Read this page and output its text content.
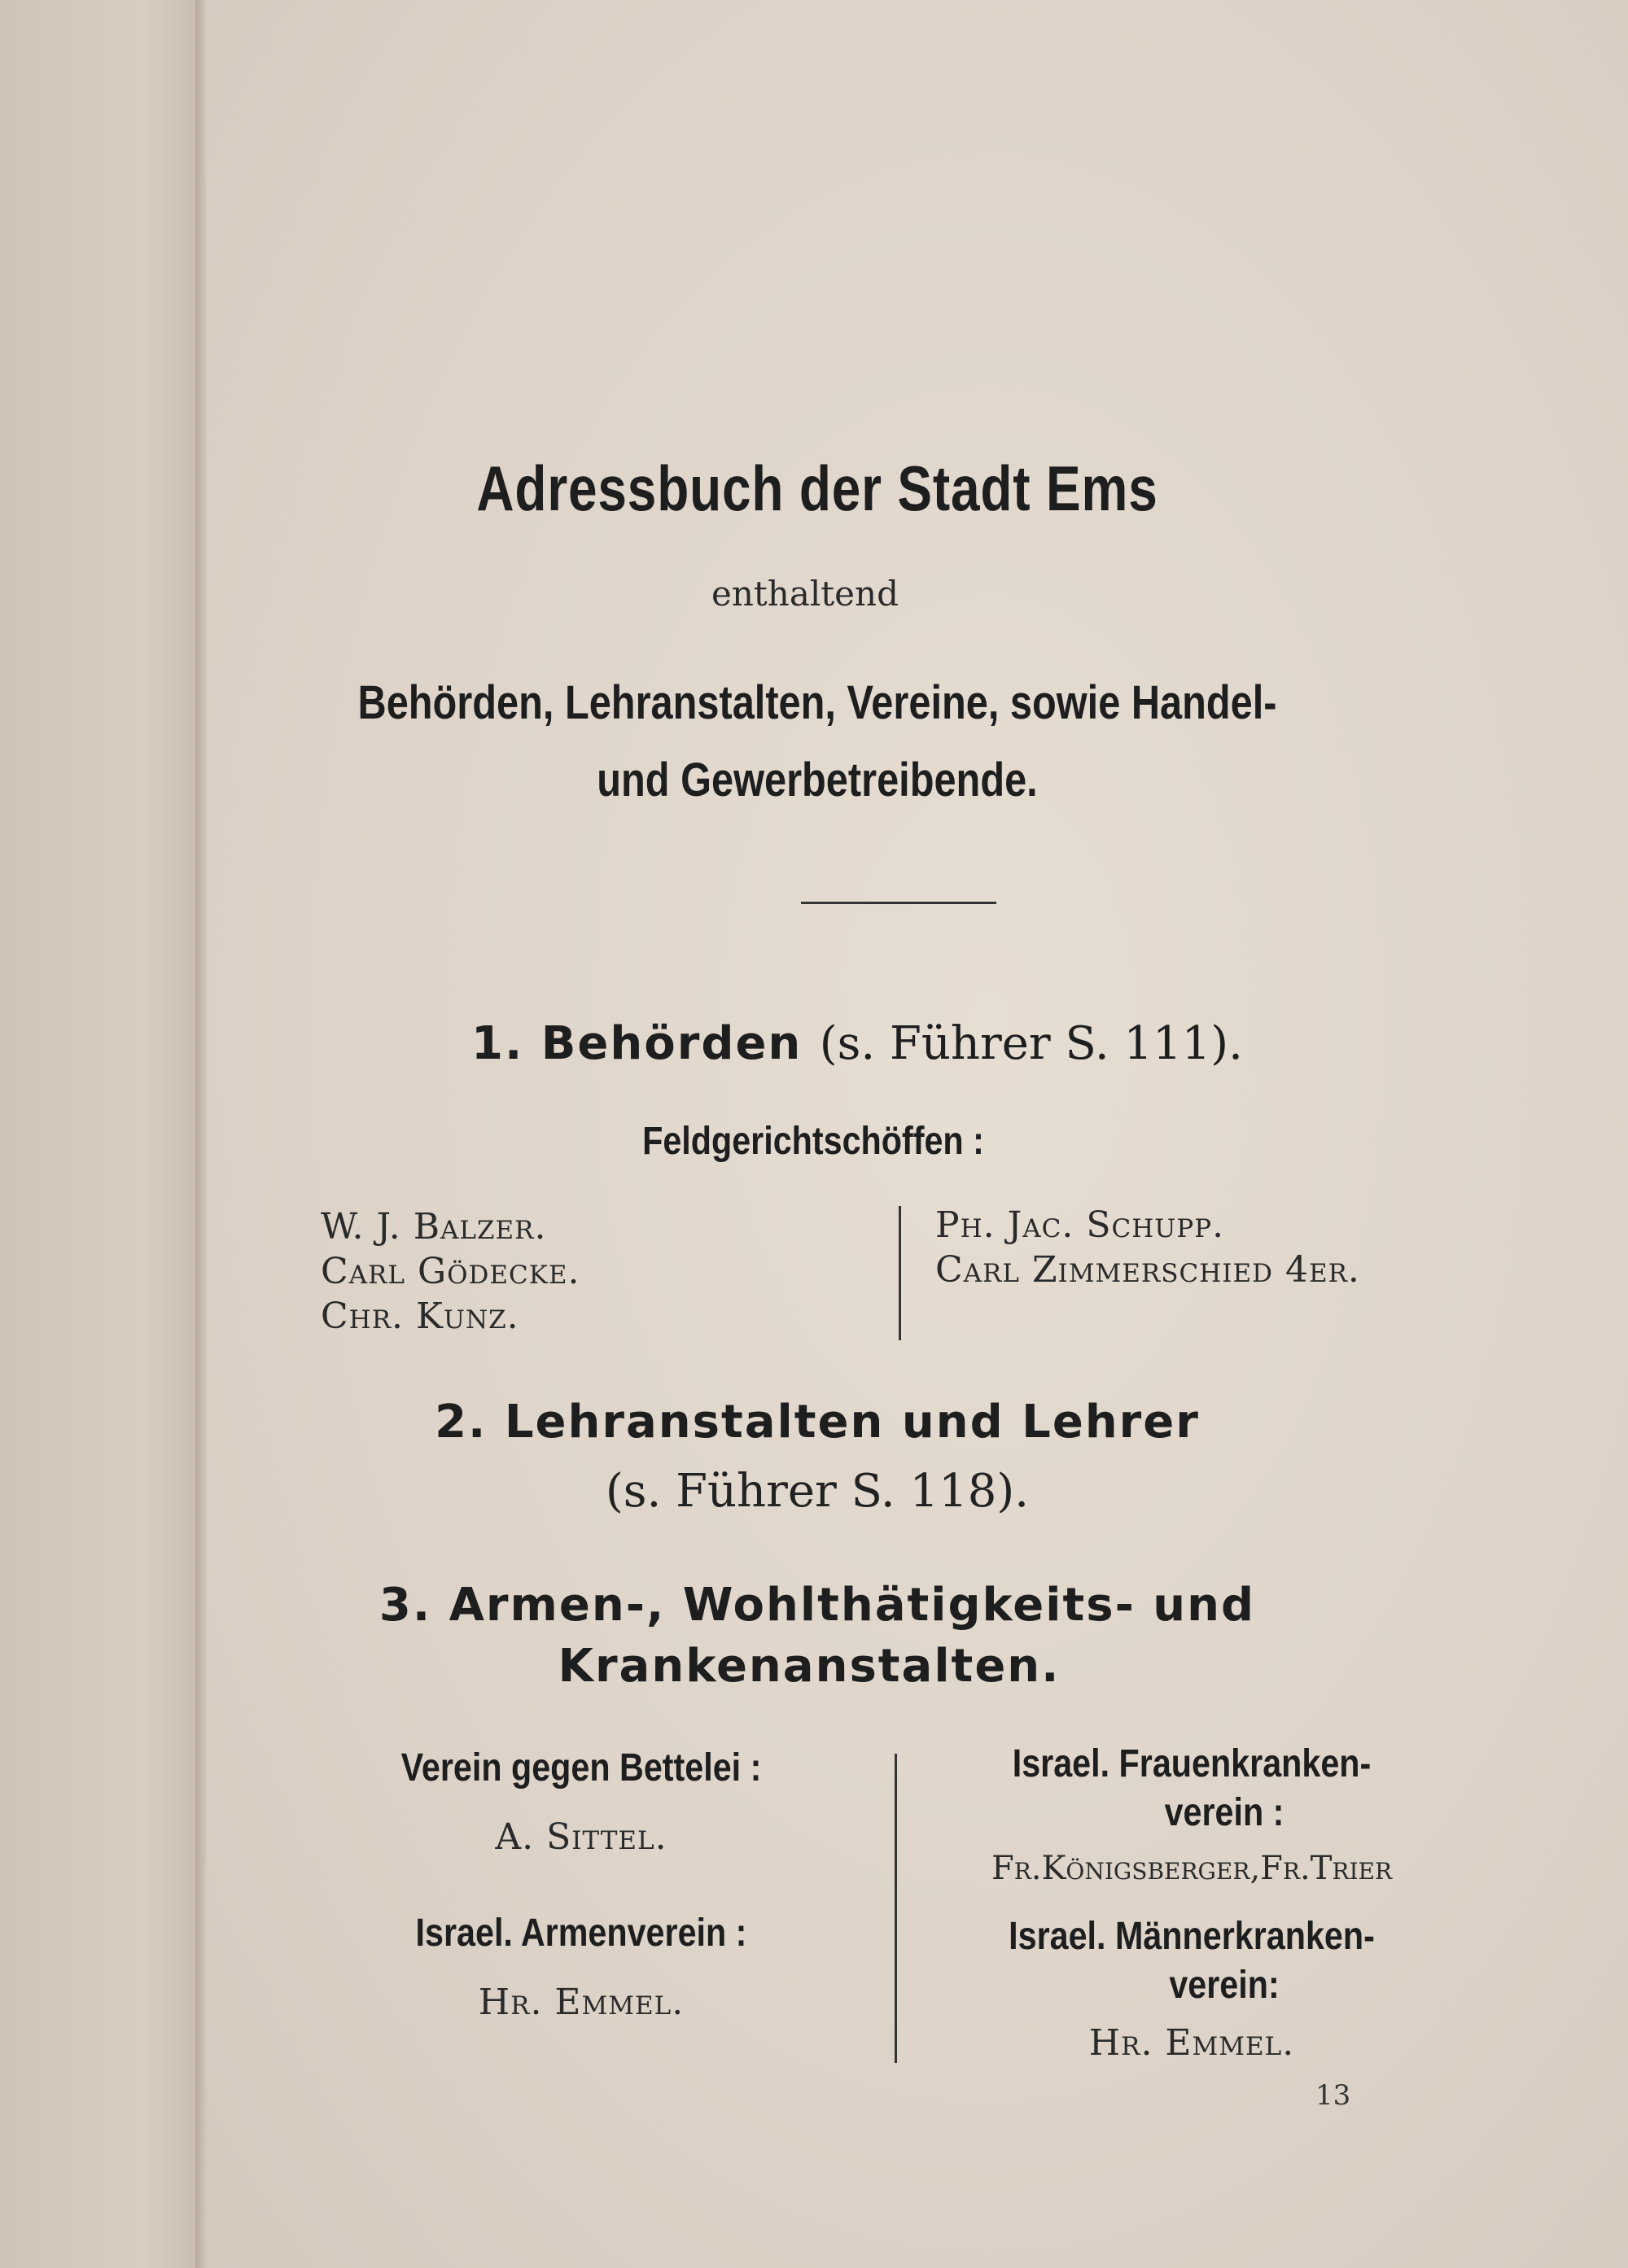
Adressbuch der Stadt Ems
enthaltend
Behörden, Lehranstalten, Vereine, sowie Handel-
und Gewerbetreibende.
1. Behörden (s. Führer S. 111).
Feldgerichtschöffen :
W. J. Balzer.
Carl Gödecke.
Chr. Kunz.
Ph. Jac. Schupp.
Carl Zimmerschied 4er.
2. Lehranstalten und Lehrer
(s. Führer S. 118).
3. Armen-, Wohlthätigkeits- und
Krankenanstalten.
Verein gegen Bettelei :
A. Sittel.
Israel. Armenverein :
Hr. Emmel.
Israel. Frauenkranken-
verein :
Fr.Königsberger,Fr.Trier
Israel. Männerkranken-
verein:
Hr. Emmel.
13
